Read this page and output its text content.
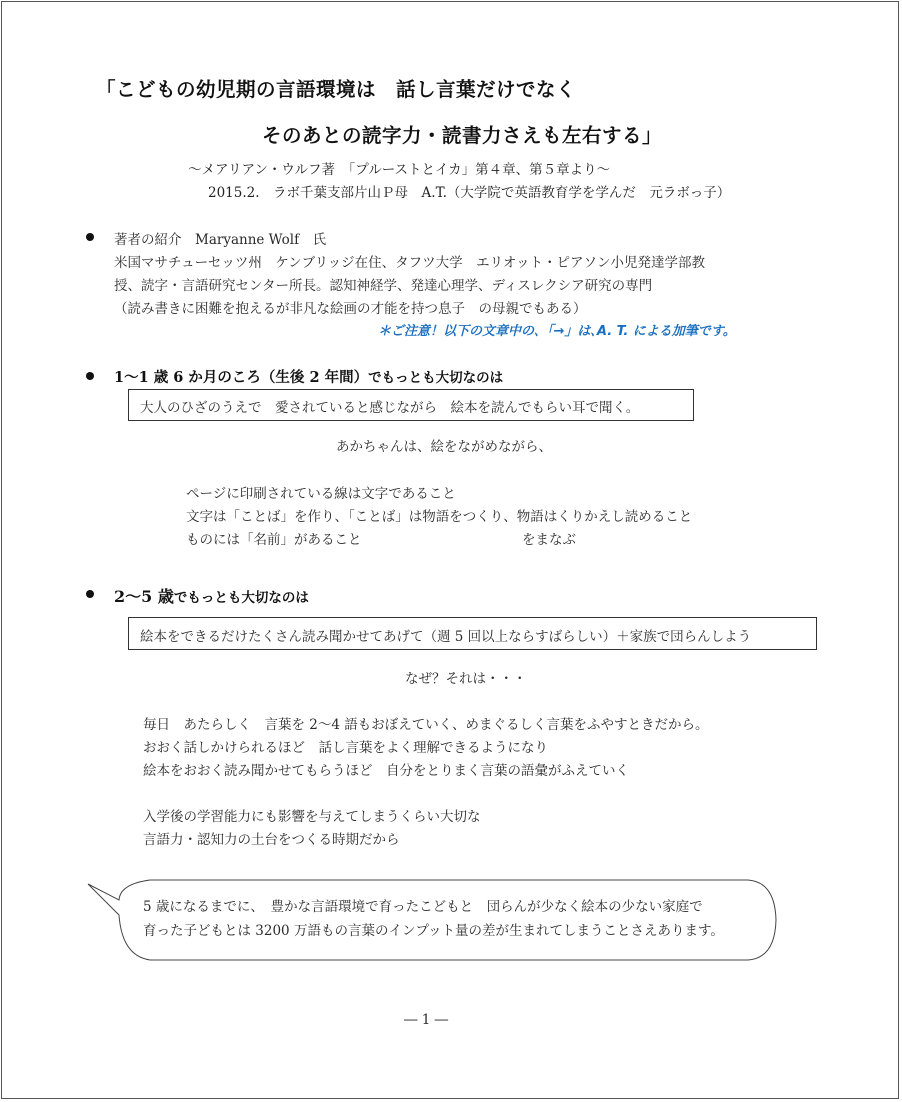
「こどもの幼児期の言語環境は　話し言葉だけでなく
そのあとの読字力・読書力さえも左右する」
〜メアリアン・ウルフ著　「プルーストとイカ」第４章、第５章より〜
2015.2.　ラボ千葉支部片山Ｐ母　A.T.（大学院で英語教育学を学んだ　元ラボっ子）
著者の紹介　Maryanne Wolf　氏
米国マサチューセッツ州　ケンブリッジ在住、タフツ大学　エリオット・ピアソン小児発達学部教
授、読字・言語研究センター所長。認知神経学、発達心理学、ディスレクシア研究の専門
（読み書きに困難を抱えるが非凡な絵画の才能を持つ息子　の母親でもある）
＊ご注意！以下の文章中の､「→」は､A. T. による加筆です。
1〜1 歳 6 か月のころ（生後 2 年間）でもっとも大切なのは
大人のひざのうえで　愛されていると感じながら　絵本を読んでもらい耳で聞く。
あかちゃんは、絵をながめながら、
ページに印刷されている線は文字であること
文字は「ことば」を作り、「ことば」は物語をつくり、物語はくりかえし読めること
ものには「名前」があること	をまなぶ
2〜5 歳でもっとも大切なのは
絵本をできるだけたくさん読み聞かせてあげて（週 5 回以上ならすばらしい）＋家族で団らんしよう
なぜ？それは・・・
毎日　あたらしく　言葉を 2〜4 語もおぼえていく、めまぐるしく言葉をふやすときだから。
おおく話しかけられるほど　話し言葉をよく理解できるようになり
絵本をおおく読み聞かせてもらうほど　自分をとりまく言葉の語彙がふえていく
入学後の学習能力にも影響を与えてしまうくらい大切な
言語力・認知力の土台をつくる時期だから
5 歳になるまでに、　豊かな言語環境で育ったこどもと　団らんが少なく絵本の少ない家庭で
育った子どもとは 3200 万語もの言葉のインプット量の差が生まれてしまうことさえあります。
― 1 ―
